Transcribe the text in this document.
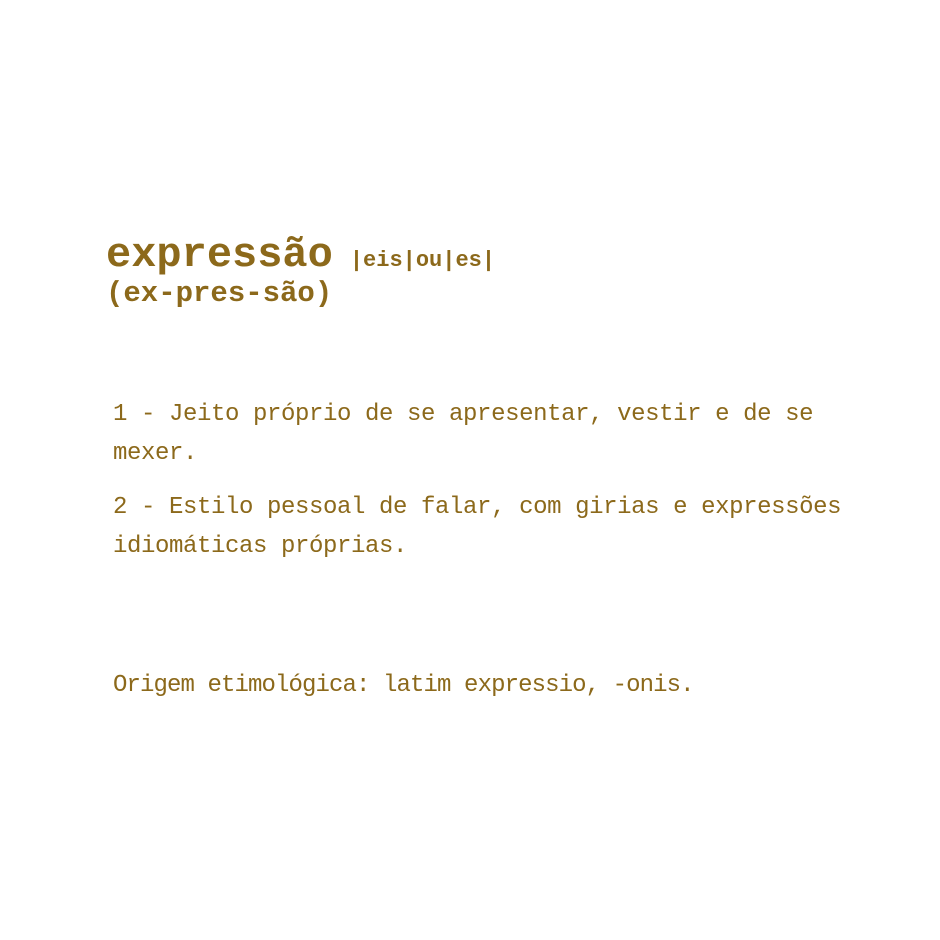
expressão |eis|ou|es|
(ex-pres-são)

1 - Jeito próprio de se apresentar, vestir e de se mexer.

2 - Estilo pessoal de falar, com girias e expressões idiomáticas próprias.

Origem etimológica: latim expressio, -onis.
